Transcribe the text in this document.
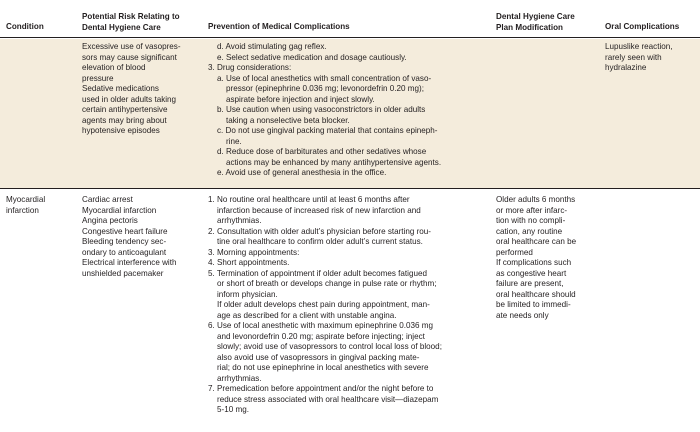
Condition
Potential Risk Relating to
Dental Hygiene Care	Prevention of Medical Complications
Dental Hygiene Care
Plan Modification	Oral Complications
Excessive use of vasopres-
sors may cause significant
elevation of blood
pressure
Sedative medications
used in older adults taking
certain antihypertensive
agents may bring about
hypotensive episodes
d. Avoid stimulating gag reflex.
e. Select sedative medication and dosage cautiously.
3. Drug considerations:
a. Use of local anesthetics with small concentration of vaso-
pressor (epinephrine 0.036 mg; levonordefrin 0.20 mg);
aspirate before injection and inject slowly.
b. Use caution when using vasoconstrictors in older adults
taking a nonselective beta blocker.
c. Do not use gingival packing material that contains epineph-
rine.
d. Reduce dose of barbiturates and other sedatives whose
actions may be enhanced by many antihypertensive agents.
e. Avoid use of general anesthesia in the office.
Lupuslike reaction,
rarely seen with
hydralazine
Myocardial
infarction
Cardiac arrest
Myocardial infarction
Angina pectoris
Congestive heart failure
Bleeding tendency sec-
ondary to anticoagulant
Electrical interference with
unshielded pacemaker
1. No routine oral healthcare until at least 6 months after
infarction because of increased risk of new infarction and
arrhythmias.
2. Consultation with older adult’s physician before starting rou-
tine oral healthcare to confirm older adult’s current status.
3. Morning appointments:
4. Short appointments.
5. Termination of appointment if older adult becomes fatigued
or short of breath or develops change in pulse rate or rhythm;
inform physician.
If older adult develops chest pain during appointment, man-
age as described for a client with unstable angina.
6. Use of local anesthetic with maximum epinephrine 0.036 mg
and levonordefrin 0.20 mg; aspirate before injecting; inject
slowly; avoid use of vasopressors to control local loss of blood;
also avoid use of vasopressors in gingival packing mate-
rial; do not use epinephrine in local anesthetics with severe
arrhythmias.
7. Premedication before appointment and/or the night before to
reduce stress associated with oral healthcare visit—diazepam
5-10 mg.
Older adults 6 months
or more after infarc-
tion with no compli-
cation, any routine
oral healthcare can be
performed
If complications such
as congestive heart
failure are present,
oral healthcare should
be limited to immedi-
ate needs only
